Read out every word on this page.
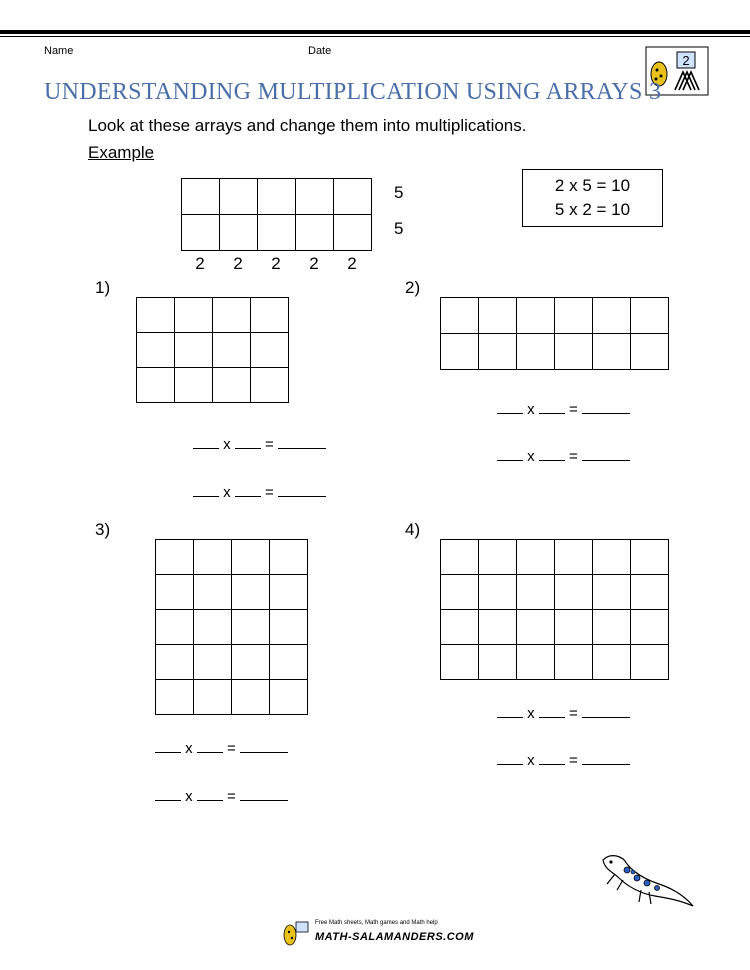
Name	Date
2
UNDERSTANDING MULTIPLICATION USING ARRAYS 3
Look at these arrays and change them into multiplications.
Example
5
5
2	2	2	2	2
2 x 5 = 10
5 x 2 = 10
1)
x =
x =
2)
x =
x =
3)
x =
x =
4)
x =
x =
Free Math sheets, Math games and Math help
MATH-SALAMANDERS.COM
